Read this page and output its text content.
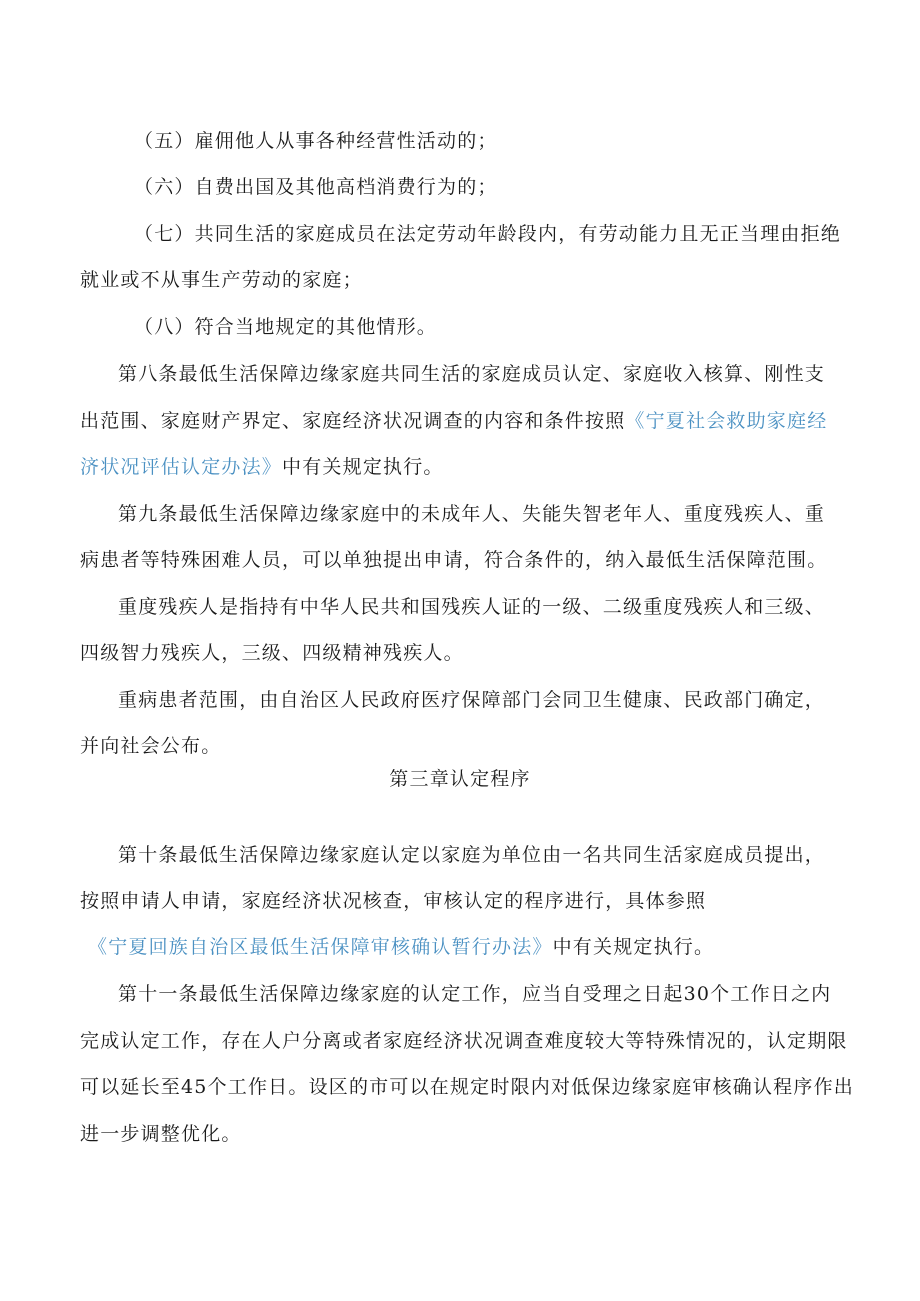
（五）雇佣他人从事各种经营性活动的；
（六）自费出国及其他高档消费行为的；
（七）共同生活的家庭成员在法定劳动年龄段内，有劳动能力且无正当理由拒绝
就业或不从事生产劳动的家庭；
（八）符合当地规定的其他情形。
第八条最低生活保障边缘家庭共同生活的家庭成员认定、家庭收入核算、刚性支
出范围、家庭财产界定、家庭经济状况调查的内容和条件按照《宁夏社会救助家庭经
济状况评估认定办法》中有关规定执行。
第九条最低生活保障边缘家庭中的未成年人、失能失智老年人、重度残疾人、重
病患者等特殊困难人员，可以单独提出申请，符合条件的，纳入最低生活保障范围。
重度残疾人是指持有中华人民共和国残疾人证的一级、二级重度残疾人和三级、
四级智力残疾人，三级、四级精神残疾人。
重病患者范围，由自治区人民政府医疗保障部门会同卫生健康、民政部门确定，
并向社会公布。
第三章认定程序
第十条最低生活保障边缘家庭认定以家庭为单位由一名共同生活家庭成员提出，
按照申请人申请，家庭经济状况核查，审核认定的程序进行，具体参照
《宁夏回族自治区最低生活保障审核确认暂行办法》中有关规定执行。
第十一条最低生活保障边缘家庭的认定工作，应当自受理之日起30个工作日之内
完成认定工作，存在人户分离或者家庭经济状况调查难度较大等特殊情况的，认定期限
可以延长至45个工作日。设区的市可以在规定时限内对低保边缘家庭审核确认程序作出
进一步调整优化。
